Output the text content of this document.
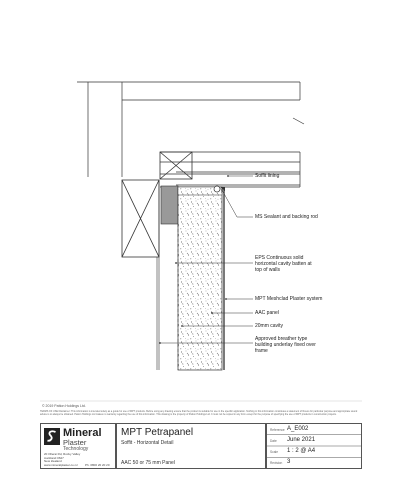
Soffit lining
MS Sealant and backing rod
EPS Continuous solid
horizontal cavity batten at
top of walls
MPT Meshclad Plaster system
AAC panel
20mm cavity
Approved breather type
building underlay fixed over
frame
© 2019 Patton Holdings Ltd.
TERMS OF USE Disclaimer: This information is intended solely as a guide for use of MPT products. Before using any drawing ensure that the product is suitable for use in the specific application. Nothing in this information constitutes a statement of fitness for particular purpose and appropriate sound advice is to always be obtained. Patton Holdings Ltd makes no warranty regarding the use of this information. This drawing is the property of Patton Holdings Ltd. It must not be copied in any form except for the purpose of specifying the use of MPT products in construction projects.
Mineral
Plaster
Technology
20 Ollerai Rd, Rocky Valley
Auckland 0627
New Zealand
www.mineralplaster.co.nz Ph. 0800 20 20 20
MPT Petrapanel
Soffit - Horizontal Detail
AAC 50 or 75 mm Panel
Reference A_E002
Date June 2021
Scale 1 : 2 @ A4
Revision 3
